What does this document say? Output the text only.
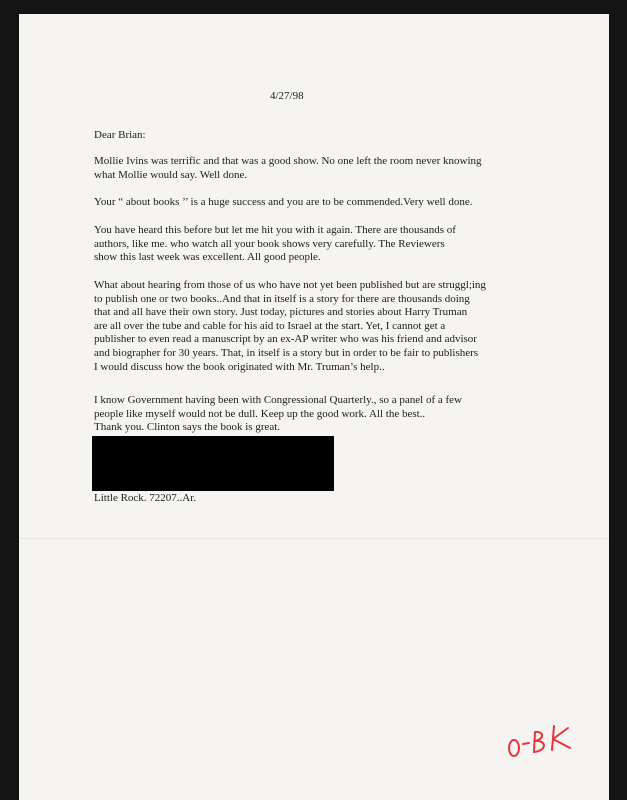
4/27/98
Dear Brian:
Mollie Ivins was terrific and that was a good show. No one left the room never knowing
what Mollie would say. Well done.
Your “ about books ’’ is a huge success and you are to be commended.Very well done.
You have heard this before but let me hit you with it again. There are thousands of
authors, like me. who watch all your book shows very carefully. The Reviewers
show this last week was excellent. All good people.
What about hearing from those of us who have not yet been published but are struggl;ing
to publish one or two books..And that in itself is a story for there are thousands doing
that and all have their own story. Just today, pictures and stories about Harry Truman
are all over the tube and cable for his aid to Israel at the start. Yet, I cannot get a
publisher to even read a manuscript by an ex-AP writer who was his friend and advisor
and biographer for 30 years. That, in itself is a story but in order to be fair to publishers
I would discuss how the book originated with Mr. Truman’s help..
I know Government having been with Congressional Quarterly., so a panel of a few
people like myself would not be dull. Keep up the good work. All the best..
Thank you. Clinton says the book is great.
Little Rock. 72207..Ar.
